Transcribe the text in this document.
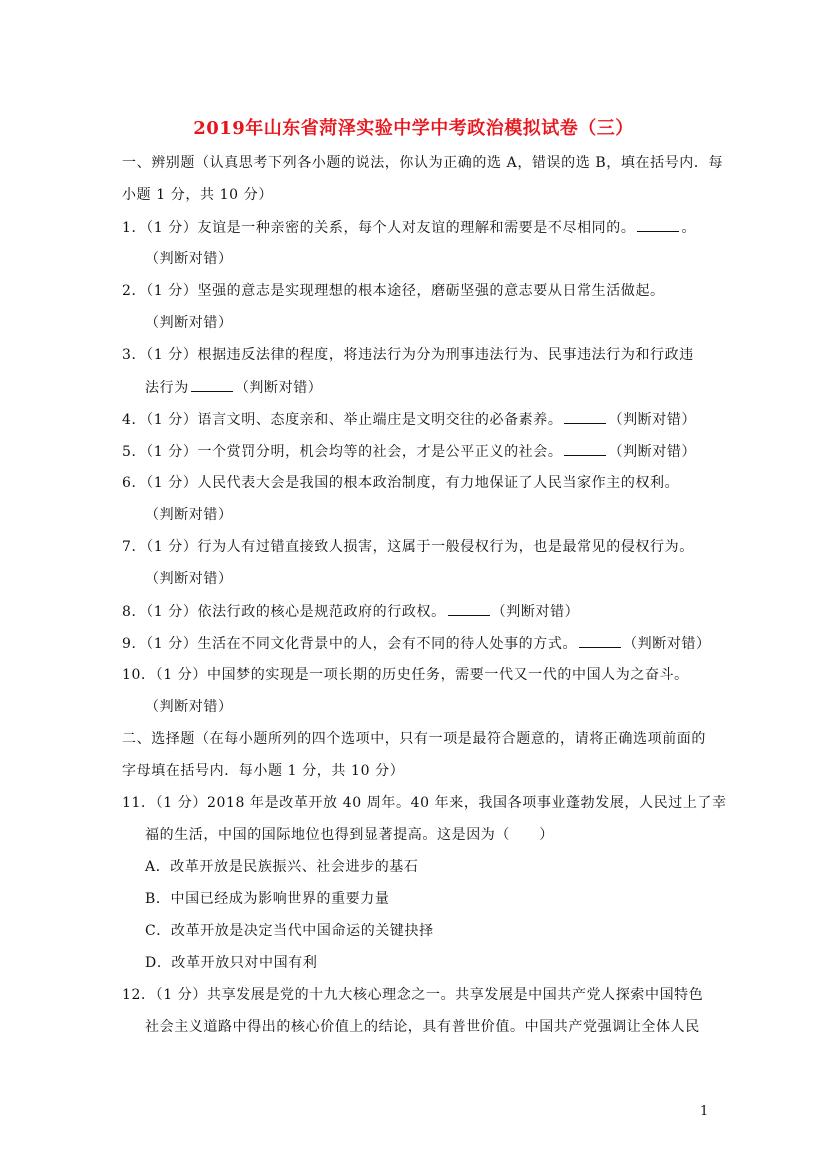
2019年山东省菏泽实验中学中考政治模拟试卷（三）
一、辨别题（认真思考下列各小题的说法，你认为正确的选 A，错误的选 B，填在括号内．每
小题 1 分，共 10 分）
1．（1 分）友谊是一种亲密的关系，每个人对友谊的理解和需要是不尽相同的。	。
（判断对错）
2．（1 分）坚强的意志是实现理想的根本途径，磨砺坚强的意志要从日常生活做起。
（判断对错）
3．（1 分）根据违反法律的程度，将违法行为分为刑事违法行为、民事违法行为和行政违
法行为	（判断对错）
4．（1 分）语言文明、态度亲和、举止端庄是文明交往的必备素养。	（判断对错）
5．（1 分）一个赏罚分明，机会均等的社会，才是公平正义的社会。	（判断对错）
6．（1 分）人民代表大会是我国的根本政治制度，有力地保证了人民当家作主的权利。
（判断对错）
7．（1 分）行为人有过错直接致人损害，这属于一般侵权行为，也是最常见的侵权行为。
（判断对错）
8．（1 分）依法行政的核心是规范政府的行政权。	（判断对错）
9．（1 分）生活在不同文化背景中的人，会有不同的待人处事的方式。	（判断对错）
10．（1 分）中国梦的实现是一项长期的历史任务，需要一代又一代的中国人为之奋斗。
（判断对错）
二、选择题（在每小题所列的四个选项中，只有一项是最符合题意的，请将正确选项前面的
字母填在括号内．每小题 1 分，共 10 分）
11．（1 分）2018 年是改革开放 40 周年。40 年来，我国各项事业蓬勃发展，人民过上了幸
福的生活，中国的国际地位也得到显著提高。这是因为（　　）
A．改革开放是民族振兴、社会进步的基石
B．中国已经成为影响世界的重要力量
C．改革开放是决定当代中国命运的关键抉择
D．改革开放只对中国有利
12．（1 分）共享发展是党的十九大核心理念之一。共享发展是中国共产党人探索中国特色
社会主义道路中得出的核心价值上的结论，具有普世价值。中国共产党强调让全体人民
1
